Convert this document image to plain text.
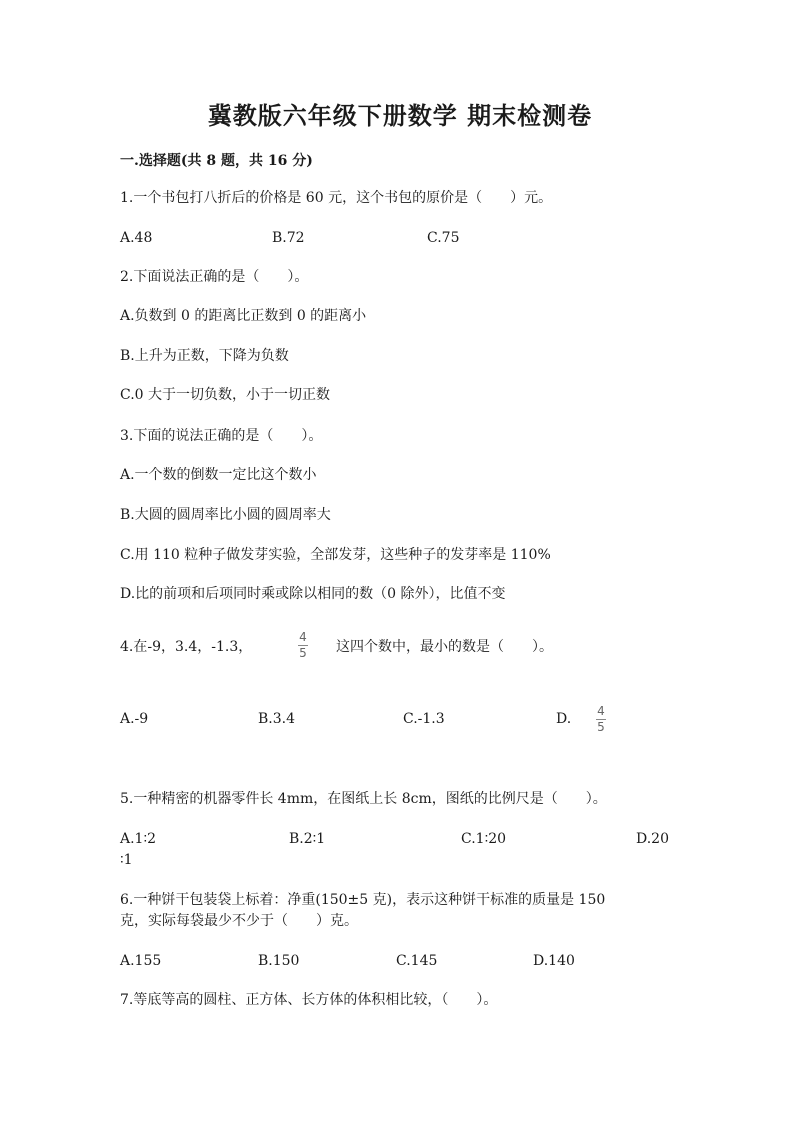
冀教版六年级下册数学 期末检测卷
一.选择题(共 8 题，共 16 分)
1.一个书包打八折后的价格是 60 元，这个书包的原价是（　　）元。
A.48	B.72	C.75
2.下面说法正确的是（　　）。
A.负数到 0 的距离比正数到 0 的距离小
B.上升为正数，下降为负数
C.0 大于一切负数，小于一切正数
3.下面的说法正确的是（　　）。
A.一个数的倒数一定比这个数小
B.大圆的圆周率比小圆的圆周率大
C.用 110 粒种子做发芽实验，全部发芽，这些种子的发芽率是 110%
D.比的前项和后项同时乘或除以相同的数（0 除外），比值不变
4.在-9，3.4，-1.3，
4
5 这四个数中，最小的数是（　　）。
A.-9	B.3.4	C.-1.3	D. 4
5
5.一种精密的机器零件长 4mm，在图纸上长 8cm，图纸的比例尺是（　　）。
A.1∶2	B.2∶1	C.1∶20	D.20
∶1
6.一种饼干包装袋上标着：净重(150±5 克)，表示这种饼干标准的质量是 150
克，实际每袋最少不少于（　　）克。
A.155	B.150	C.145	D.140
7.等底等高的圆柱、正方体、长方体的体积相比较，（　　）。
